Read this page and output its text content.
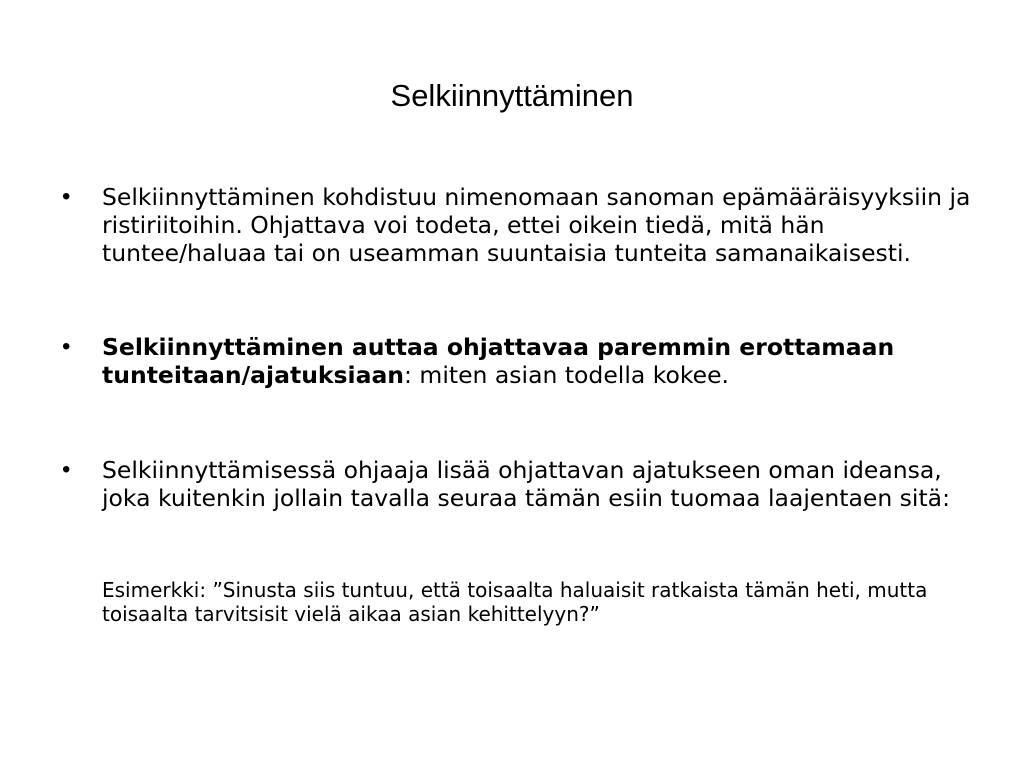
Selkiinnyttäminen
• Selkiinnyttäminen kohdistuu nimenomaan sanoman epämääräisyyksiin ja ristiriitoihin. Ohjattava voi todeta, ettei oikein tiedä, mitä hän tuntee/haluaa tai on useamman suuntaisia tunteita samanaikaisesti.
• Selkiinnyttäminen auttaa ohjattavaa paremmin erottamaan tunteitaan/ajatuksiaan: miten asian todella kokee.
• Selkiinnyttämisessä ohjaaja lisää ohjattavan ajatukseen oman ideansa, joka kuitenkin jollain tavalla seuraa tämän esiin tuomaa laajentaen sitä:
Esimerkki: ”Sinusta siis tuntuu, että toisaalta haluaisit ratkaista tämän heti, mutta toisaalta tarvitsisit vielä aikaa asian kehittelyyn?”
